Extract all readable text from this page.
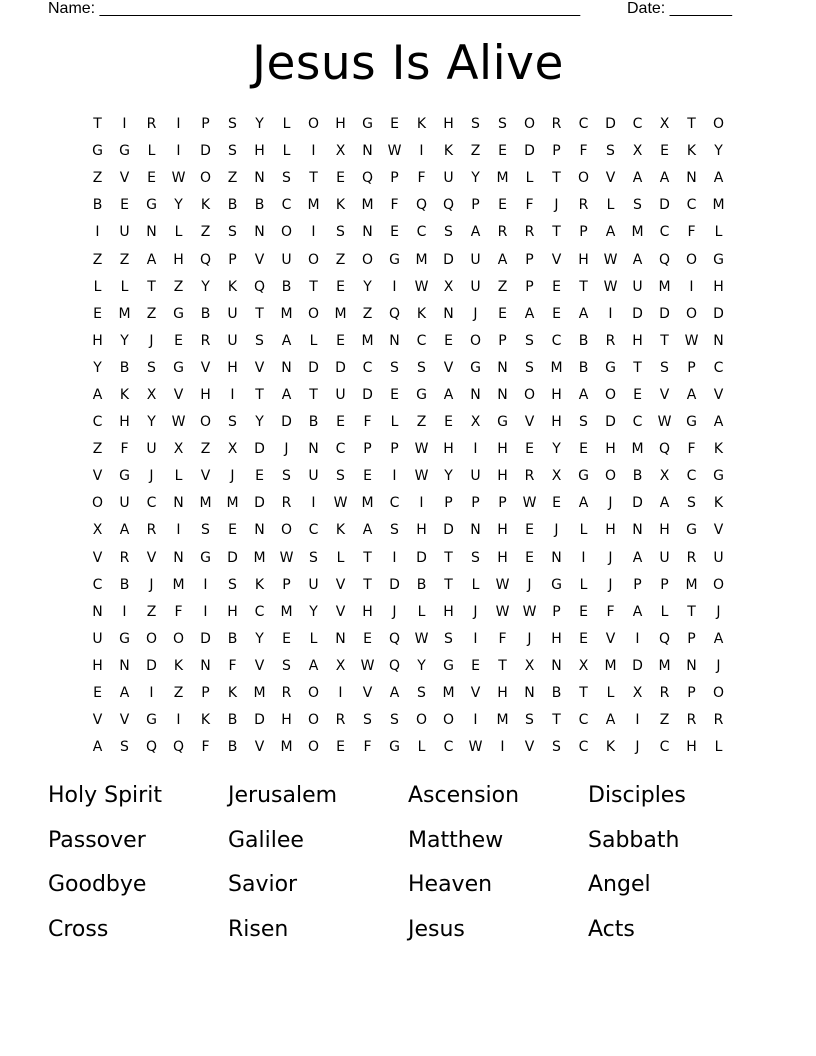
Name: ______________________________________________________	Date: _______
Jesus Is Alive
T	I	R	I	P	S	Y	L	O	H	G	E	K	H	S	S	O	R	C	D	C	X	T	O
G	G	L	I	D	S	H	L	I	X	N	W	I	K	Z	E	D	P	F	S	X	E	K	Y
Z	V	E	W	O	Z	N	S	T	E	Q	P	F	U	Y	M	L	T	O	V	A	A	N	A
B	E	G	Y	K	B	B	C	M	K	M	F	Q	Q	P	E	F	J	R	L	S	D	C	M
I	U	N	L	Z	S	N	O	I	S	N	E	C	S	A	R	R	T	P	A	M	C	F	L
Z	Z	A	H	Q	P	V	U	O	Z	O	G	M	D	U	A	P	V	H	W	A	Q	O	G
L	L	T	Z	Y	K	Q	B	T	E	Y	I	W	X	U	Z	P	E	T	W	U	M	I	H
E	M	Z	G	B	U	T	M	O	M	Z	Q	K	N	J	E	A	E	A	I	D	D	O	D
H	Y	J	E	R	U	S	A	L	E	M	N	C	E	O	P	S	C	B	R	H	T	W	N
Y	B	S	G	V	H	V	N	D	D	C	S	S	V	G	N	S	M	B	G	T	S	P	C
A	K	X	V	H	I	T	A	T	U	D	E	G	A	N	N	O	H	A	O	E	V	A	V
C	H	Y	W	O	S	Y	D	B	E	F	L	Z	E	X	G	V	H	S	D	C	W	G	A
Z	F	U	X	Z	X	D	J	N	C	P	P	W	H	I	H	E	Y	E	H	M	Q	F	K
V	G	J	L	V	J	E	S	U	S	E	I	W	Y	U	H	R	X	G	O	B	X	C	G
O	U	C	N	M	M	D	R	I	W	M	C	I	P	P	P	W	E	A	J	D	A	S	K
X	A	R	I	S	E	N	O	C	K	A	S	H	D	N	H	E	J	L	H	N	H	G	V
V	R	V	N	G	D	M	W	S	L	T	I	D	T	S	H	E	N	I	J	A	U	R	U
C	B	J	M	I	S	K	P	U	V	T	D	B	T	L	W	J	G	L	J	P	P	M	O
N	I	Z	F	I	H	C	M	Y	V	H	J	L	H	J	W W	P	E	F	A	L	T	J
U	G	O	O	D	B	Y	E	L	N	E	Q	W	S	I	F	J	H	E	V	I	Q	P	A
H	N	D	K	N	F	V	S	A	X	W	Q	Y	G	E	T	X	N	X	M	D	M	N	J
E	A	I	Z	P	K	M	R	O	I	V	A	S	M	V	H	N	B	T	L	X	R	P	O
V	V	G	I	K	B	D	H	O	R	S	S	O	O	I	M	S	T	C	A	I	Z	R	R
A	S	Q	Q	F	B	V	M	O	E	F	G	L	C	W	I	V	S	C	K	J	C	H	L
Holy Spirit	Jerusalem	Ascension	Disciples
Passover	Galilee	Matthew	Sabbath
Goodbye	Savior	Heaven	Angel
Cross	Risen	Jesus	Acts
